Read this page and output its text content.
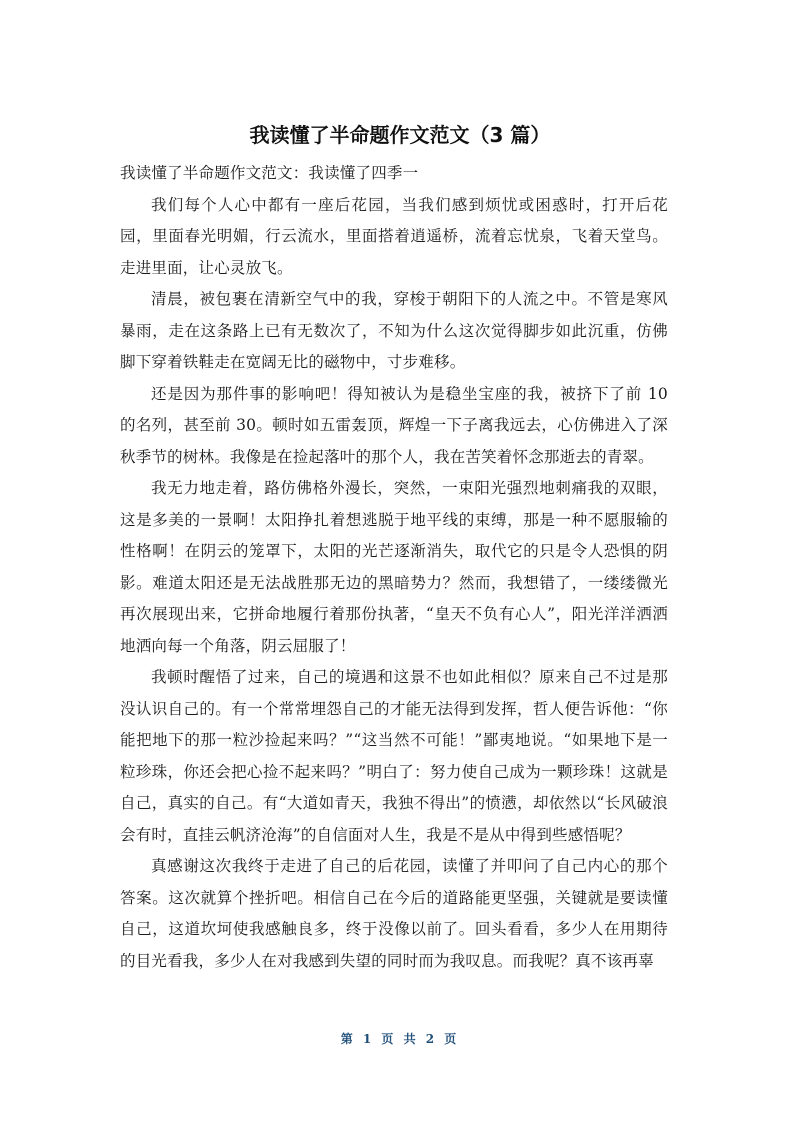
我读懂了半命题作文范文（3 篇）

我读懂了半命题作文范文：我读懂了四季一

我们每个人心中都有一座后花园，当我们感到烦忧或困惑时，打开后花园，里面春光明媚，行云流水，里面搭着逍遥桥，流着忘忧泉，飞着天堂鸟。走进里面，让心灵放飞。

清晨，被包裹在清新空气中的我，穿梭于朝阳下的人流之中。不管是寒风暴雨，走在这条路上已有无数次了，不知为什么这次觉得脚步如此沉重，仿佛脚下穿着铁鞋走在宽阔无比的磁物中，寸步难移。

还是因为那件事的影响吧！得知被认为是稳坐宝座的我，被挤下了前 10 的名列，甚至前 30。顿时如五雷轰顶，辉煌一下子离我远去，心仿佛进入了深秋季节的树林。我像是在捡起落叶的那个人，我在苦笑着怀念那逝去的青翠。

我无力地走着，路仿佛格外漫长，突然，一束阳光强烈地刺痛我的双眼，这是多美的一景啊！太阳挣扎着想逃脱于地平线的束缚，那是一种不愿服输的性格啊！在阴云的笼罩下，太阳的光芒逐渐消失，取代它的只是令人恐惧的阴影。难道太阳还是无法战胜那无边的黑暗势力？然而，我想错了，一缕缕微光再次展现出来，它拼命地履行着那份执著，“皇天不负有心人”，阳光洋洋洒洒地洒向每一个角落，阴云屈服了！

我顿时醒悟了过来，自己的境遇和这景不也如此相似？原来自己不过是那没认识自己的。有一个常常埋怨自己的才能无法得到发挥，哲人便告诉他：“你能把地下的那一粒沙捡起来吗？”“这当然不可能！”鄙夷地说。“如果地下是一粒珍珠，你还会把心捡不起来吗？”明白了：努力使自己成为一颗珍珠！这就是自己，真实的自己。有“大道如青天，我独不得出”的愤懑，却依然以“长风破浪会有时，直挂云帆济沧海”的自信面对人生，我是不是从中得到些感悟呢？

真感谢这次我终于走进了自己的后花园，读懂了并叩问了自己内心的那个答案。这次就算个挫折吧。相信自己在今后的道路能更坚强，关键就是要读懂自己，这道坎坷使我感触良多，终于没像以前了。回头看看，多少人在用期待的目光看我，多少人在对我感到失望的同时而为我叹息。而我呢？真不该再辜

第 1 页 共 2 页
